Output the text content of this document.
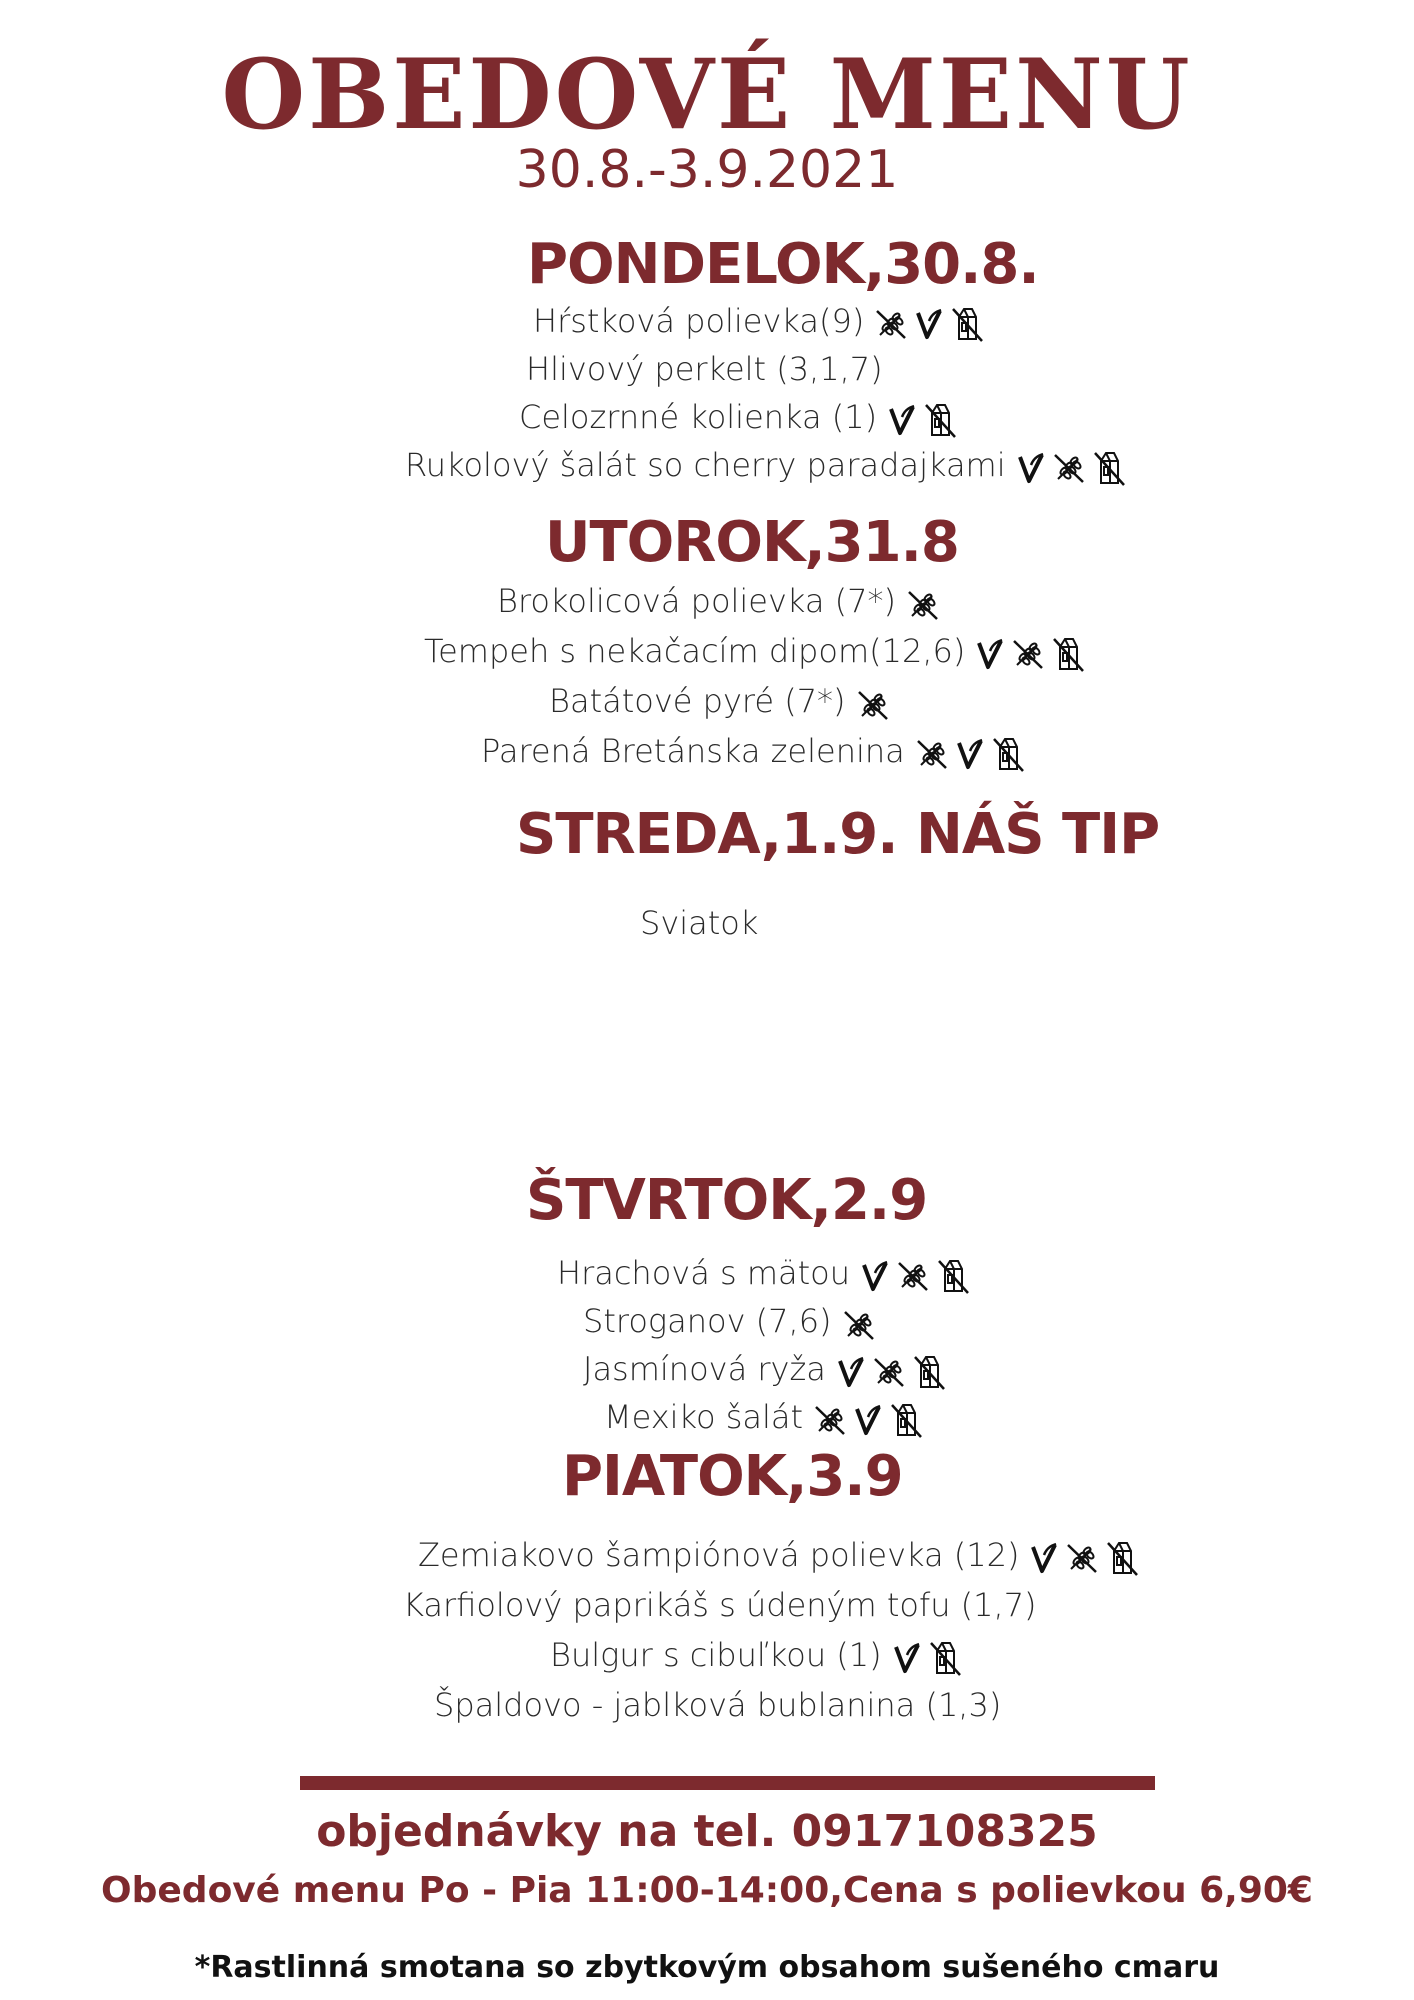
OBEDOVÉ MENU
30.8.-3.9.2021
PONDELOK,30.8.
Hŕstková polievka(9)
Hlivový perkelt (3,1,7)
Celozrnné kolienka (1)
Rukolový šalát so cherry paradajkami
UTOROK,31.8
Brokolicová polievka (7*)
Tempeh s nekačacím dipom(12,6)
Batátové pyré (7*)
Parená Bretánska zelenina
STREDA,1.9. NÁŠ TIP
Sviatok
ŠTVRTOK,2.9
Hrachová s mätou
Stroganov (7,6)
Jasmínová ryža
Mexiko šalát
PIATOK,3.9
Zemiakovo šampiónová polievka (12)
Karfiolový paprikáš s údeným tofu (1,7)
Bulgur s cibuľkou (1)
Špaldovo - jablková bublanina (1,3)
objednávky na tel. 0917108325
Obedové menu Po - Pia 11:00-14:00,Cena s polievkou 6,90€
*Rastlinná smotana so zbytkovým obsahom sušeného cmaru
